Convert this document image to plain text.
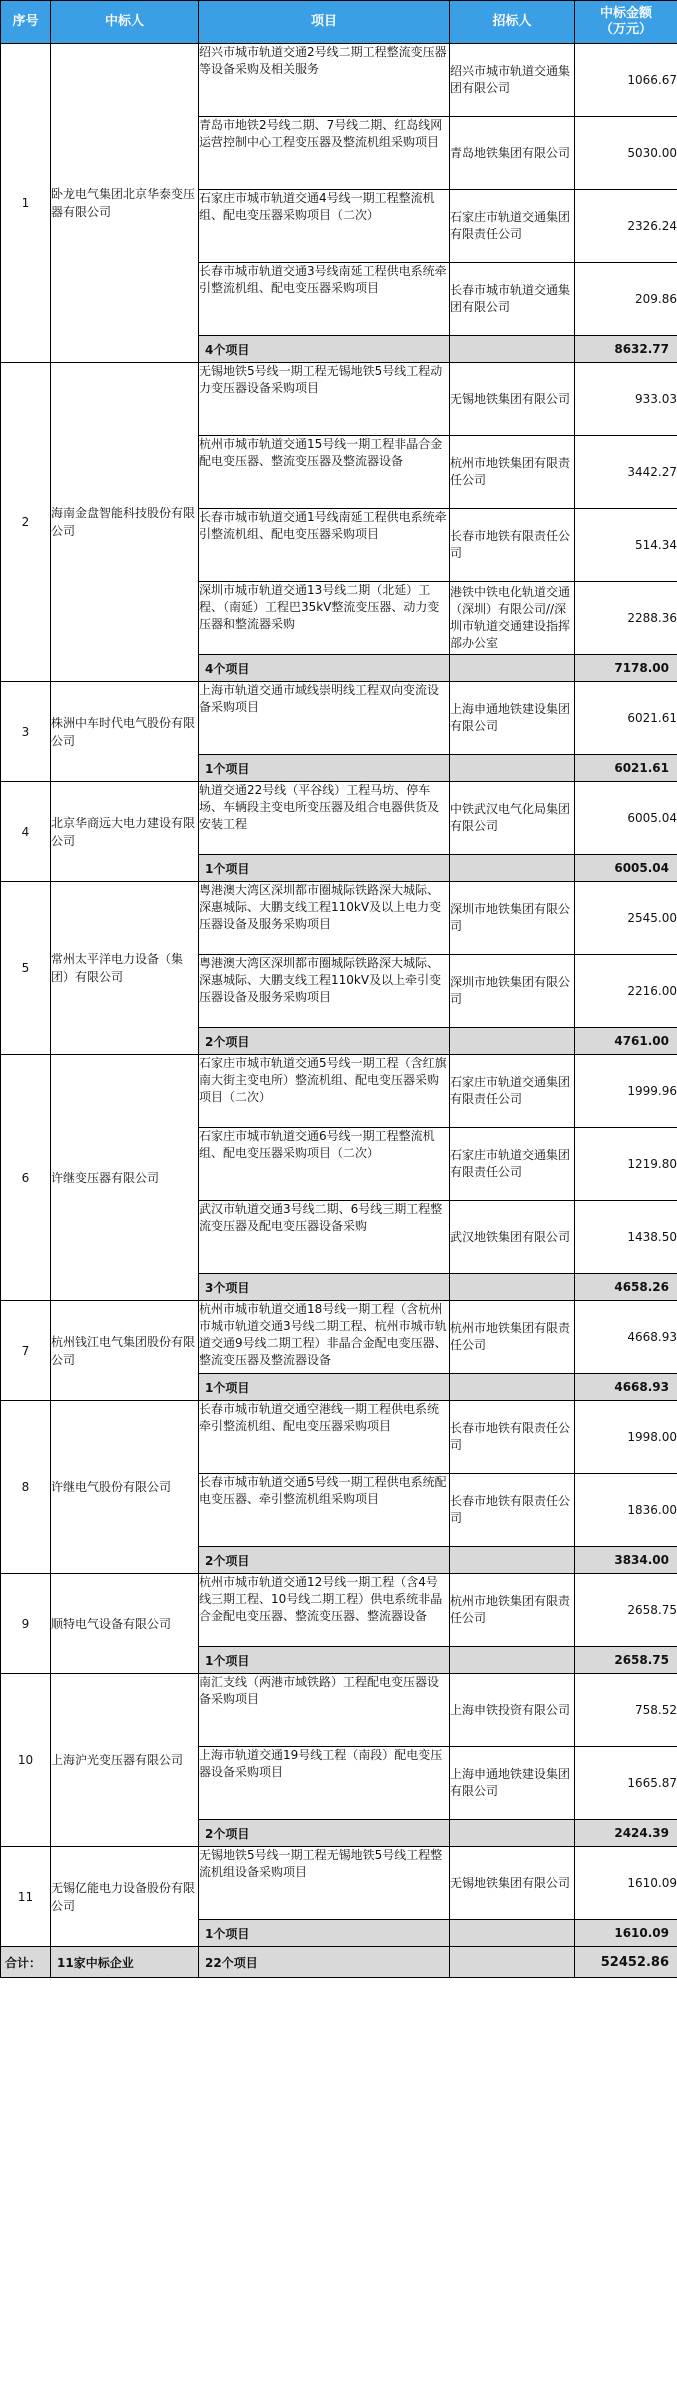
序号	中标人	项目	招标人	中标金额
（万元）
1	卧龙电气集团北京华泰变压器有限公司	绍兴市城市轨道交通2号线二期工程整流变压器等设备采购及相关服务	绍兴市城市轨道交通集团有限公司	1066.67
		青岛市地铁2号线二期、7号线二期、红岛线网运营控制中心工程变压器及整流机组采购项目	青岛地铁集团有限公司	5030.00
		石家庄市城市轨道交通4号线一期工程整流机组、配电变压器采购项目（二次）	石家庄市轨道交通集团有限责任公司	2326.24
		长春市城市轨道交通3号线南延工程供电系统牵引整流机组、配电变压器采购项目	长春市城市轨道交通集团有限公司	209.86
		4个项目		8632.77
2	海南金盘智能科技股份有限公司	无锡地铁5号线一期工程无锡地铁5号线工程动力变压器设备采购项目	无锡地铁集团有限公司	933.03
		杭州市城市轨道交通15号线一期工程非晶合金配电变压器、整流变压器及整流器设备	杭州市地铁集团有限责任公司	3442.27
		长春市城市轨道交通1号线南延工程供电系统牵引整流机组、配电变压器采购项目	长春市地铁有限责任公司	514.34
		深圳市城市轨道交通13号线二期（北延）工程、（南延）工程巴35kV整流变压器、动力变压器和整流器采购	港铁中铁电化轨道交通（深圳）有限公司//深圳市轨道交通建设指挥部办公室	2288.36
		4个项目		7178.00
3	株洲中车时代电气股份有限公司	上海市轨道交通市域线崇明线工程双向变流设备采购项目	上海申通地铁建设集团有限公司	6021.61
		1个项目		6021.61
4	北京华商远大电力建设有限公司	轨道交通22号线（平谷线）工程马坊、停车场、车辆段主变电所变压器及组合电器供货及安装工程	中铁武汉电气化局集团有限公司	6005.04
		1个项目		6005.04
5	常州太平洋电力设备（集团）有限公司	粤港澳大湾区深圳都市圈城际铁路深大城际、深惠城际、大鹏支线工程110kV及以上电力变压器设备及服务采购项目	深圳市地铁集团有限公司	2545.00
		粤港澳大湾区深圳都市圈城际铁路深大城际、深惠城际、大鹏支线工程110kV及以上牵引变压器设备及服务采购项目	深圳市地铁集团有限公司	2216.00
		2个项目		4761.00
6	许继变压器有限公司	石家庄市城市轨道交通5号线一期工程（含红旗南大街主变电所）整流机组、配电变压器采购项目（二次）	石家庄市轨道交通集团有限责任公司	1999.96
		石家庄市城市轨道交通6号线一期工程整流机组、配电变压器采购项目（二次）	石家庄市轨道交通集团有限责任公司	1219.80
		武汉市轨道交通3号线二期、6号线三期工程整流变压器及配电变压器设备采购	武汉地铁集团有限公司	1438.50
		3个项目		4658.26
7	杭州钱江电气集团股份有限公司	杭州市城市轨道交通18号线一期工程（含杭州市城市轨道交通3号线二期工程、杭州市城市轨道交通9号线二期工程）非晶合金配电变压器、整流变压器及整流器设备	杭州市地铁集团有限责任公司	4668.93
		1个项目		4668.93
8	许继电气股份有限公司	长春市城市轨道交通空港线一期工程供电系统牵引整流机组、配电变压器采购项目	长春市地铁有限责任公司	1998.00
		长春市城市轨道交通5号线一期工程供电系统配电变压器、牵引整流机组采购项目	长春市地铁有限责任公司	1836.00
		2个项目		3834.00
9	顺特电气设备有限公司	杭州市城市轨道交通12号线一期工程（含4号线三期工程、10号线二期工程）供电系统非晶合金配电变压器、整流变压器、整流器设备	杭州市地铁集团有限责任公司	2658.75
		1个项目		2658.75
10	上海沪光变压器有限公司	南汇支线（两港市域铁路）工程配电变压器设备采购项目	上海申铁投资有限公司	758.52
		上海市轨道交通19号线工程（南段）配电变压器设备采购项目	上海申通地铁建设集团有限公司	1665.87
		2个项目		2424.39
11	无锡亿能电力设备股份有限公司	无锡地铁5号线一期工程无锡地铁5号线工程整流机组设备采购项目	无锡地铁集团有限公司	1610.09
		1个项目		1610.09
合计：	11家中标企业	22个项目		52452.86
